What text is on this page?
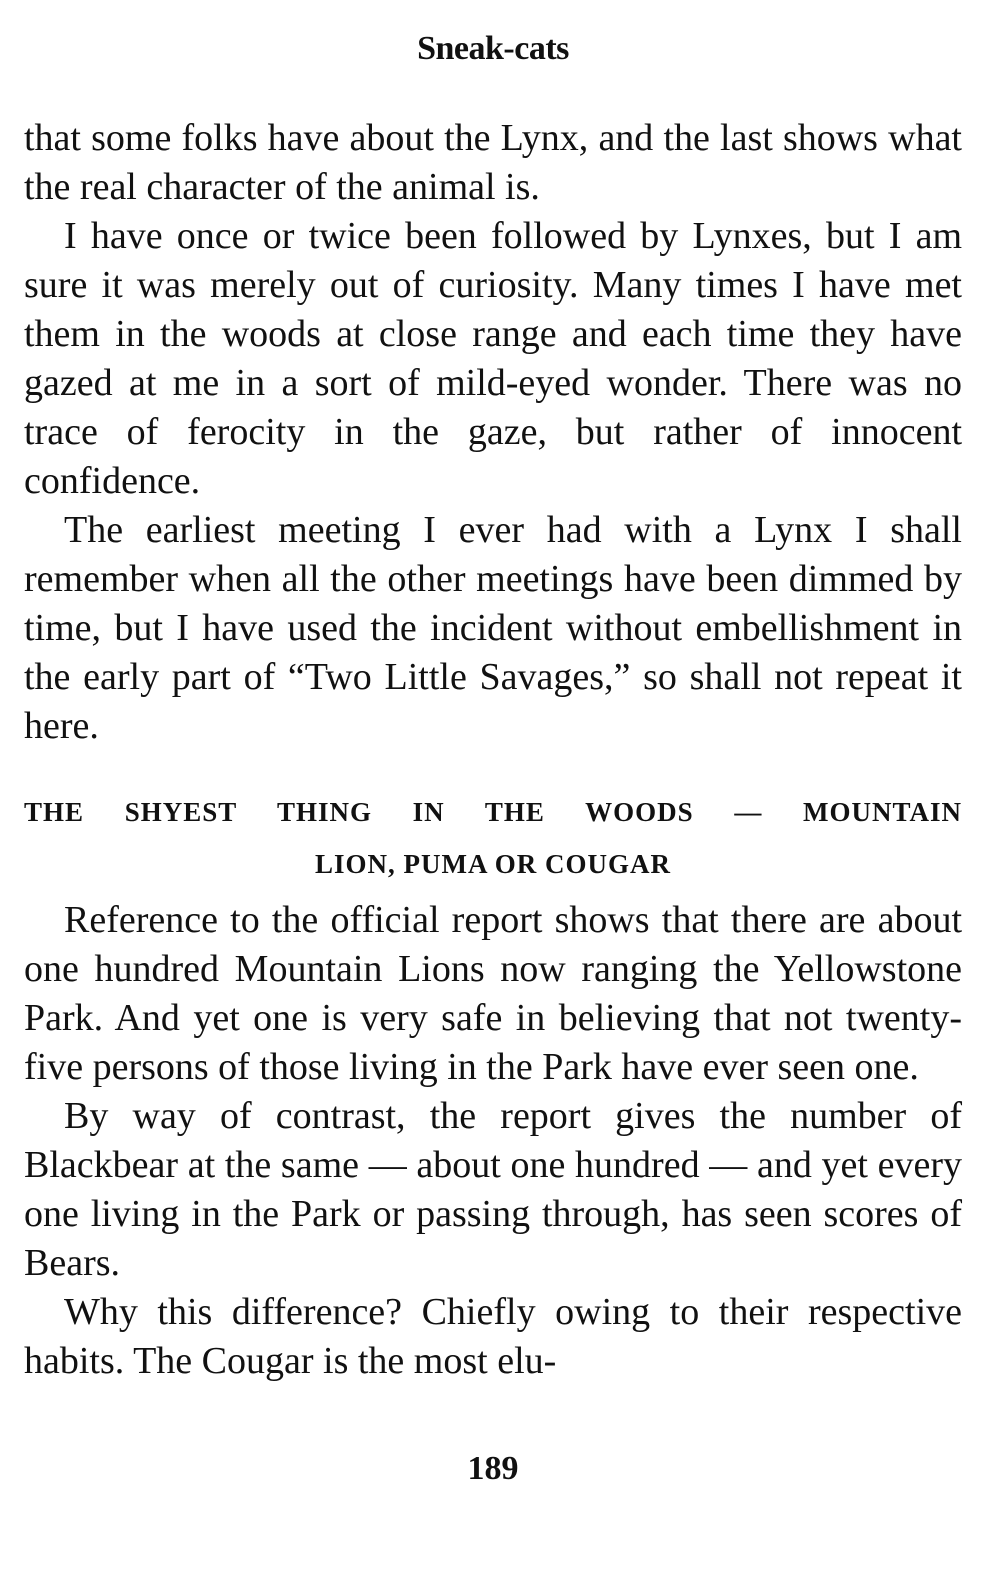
Sneak-cats

that some folks have about the Lynx, and the last shows what the real character of the animal is.

I have once or twice been followed by Lynxes, but I am sure it was merely out of curiosity. Many times I have met them in the woods at close range and each time they have gazed at me in a sort of mild-eyed wonder. There was no trace of ferocity in the gaze, but rather of innocent confidence.

The earliest meeting I ever had with a Lynx I shall remember when all the other meetings have been dimmed by time, but I have used the incident without embellishment in the early part of “Two Little Savages,” so shall not repeat it here.

THE SHYEST THING IN THE WOODS — MOUNTAIN
LION, PUMA OR COUGAR

Reference to the official report shows that there are about one hundred Mountain Lions now ranging the Yellowstone Park. And yet one is very safe in believing that not twenty-five persons of those living in the Park have ever seen one.

By way of contrast, the report gives the number of Blackbear at the same — about one hundred — and yet every one living in the Park or passing through, has seen scores of Bears.

Why this difference? Chiefly owing to their respective habits. The Cougar is the most elu-

189
